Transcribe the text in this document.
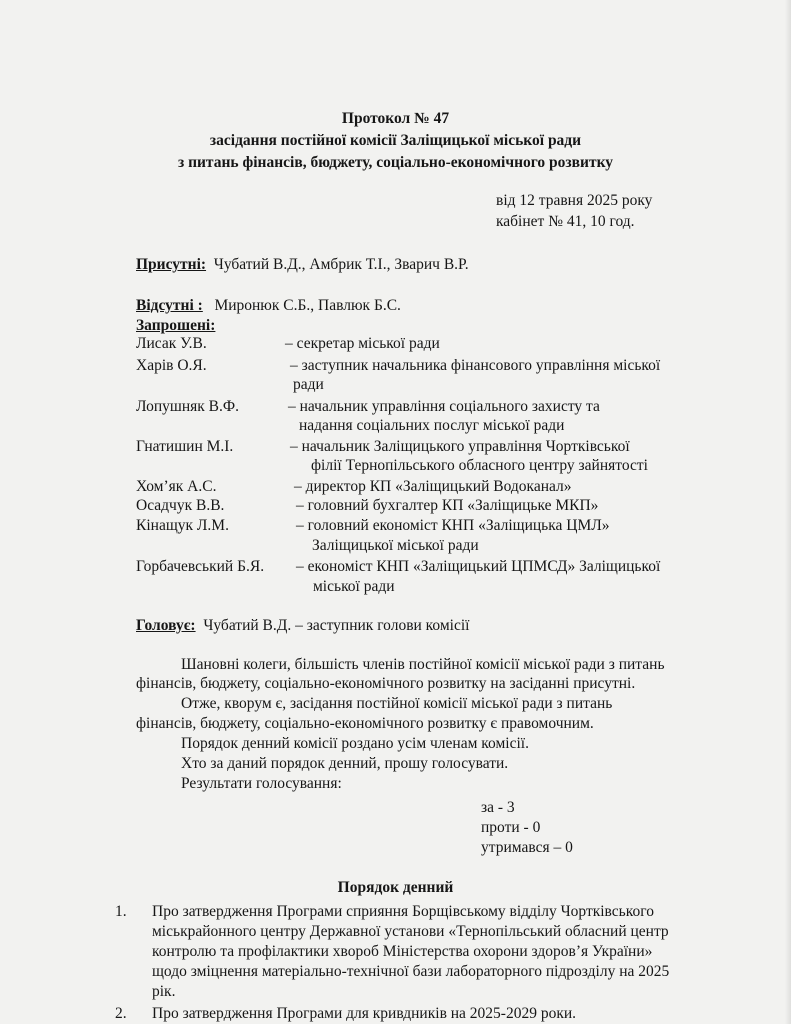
Протокол № 47
засідання постійної комісії Заліщицької міської ради
з питань фінансів, бюджету, соціально-економічного розвитку
від 12 травня 2025 року
кабінет № 41, 10 год.
Присутні: Чубатий В.Д., Амбрик Т.І., Зварич В.Р.
Відсутні : Миронюк С.Б., Павлюк Б.С.
Запрошені:
Лисак У.В.	– секретар міської ради
Харів О.Я.	– заступник начальника фінансового управління міської
ради
Лопушняк В.Ф.	– начальник управління соціального захисту та
надання соціальних послуг міської ради
Гнатишин М.І.	– начальник Заліщицького управління Чортківської
філії Тернопільського обласного центру зайнятості
Хом’як А.С.	– директор КП «Заліщицький Водоканал»
Осадчук В.В.	– головний бухгалтер КП «Заліщицьке МКП»
Кінащук Л.М.	– головний економіст КНП «Заліщицька ЦМЛ»
Заліщицької міської ради
Горбачевський Б.Я. – економіст КНП «Заліщицький ЦПМСД» Заліщицької
міської ради
Головує: Чубатий В.Д. – заступник голови комісії
Шановні колеги, більшість членів постійної комісії міської ради з питань
фінансів, бюджету, соціально-економічного розвитку на засіданні присутні.
Отже, кворум є, засідання постійної комісії міської ради з питань
фінансів, бюджету, соціально-економічного розвитку є правомочним.
Порядок денний комісії роздано усім членам комісії.
Хто за даний порядок денний, прошу голосувати.
Результати голосування:
за - 3
проти - 0
утримався – 0
Порядок денний
1. Про затвердження Програми сприяння Борщівському відділу Чортківського
міськрайонного центру Державної установи «Тернопільський обласний центр
контролю та профілактики хвороб Міністерства охорони здоров’я України»
щодо зміцнення матеріально-технічної бази лабораторного підрозділу на 2025
рік.
2. Про затвердження Програми для кривдників на 2025-2029 роки.
